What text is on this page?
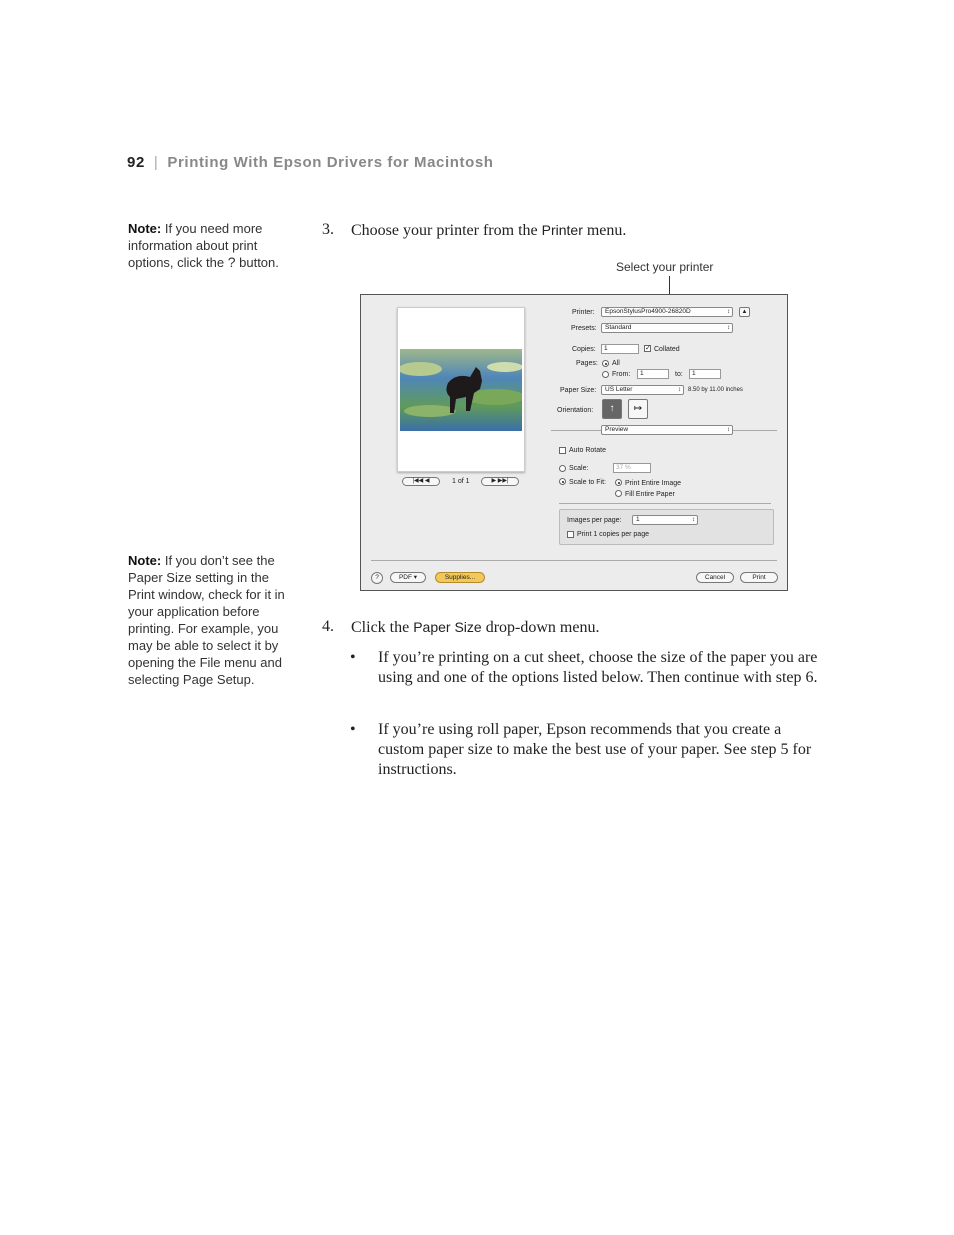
92 | Printing With Epson Drivers for Macintosh
Note: If you need more information about print options, click the ? button.
Note: If you don’t see the Paper Size setting in the Print window, check for it in your application before printing. For example, you may be able to select it by opening the File menu and selecting Page Setup.
3. Choose your printer from the Printer menu.
Select your printer
|◀◀ ◀	1 of 1	▶ ▶▶|
Printer:	EpsonStylusPro4900-26820D ↕	▲
Presets:	Standard ↕
Copies:	1	✓ Collated
Pages: All
From:	1	to:	1
Paper Size:	US Letter ↕	8.50 by 11.00 inches
Orientation:	↑	↦
Preview ↕
Auto Rotate
Scale:	37 %
Scale to Fit:	Print Entire Image
Fill Entire Paper
Images per page:	1 ↕
Print 1 copies per page
?	PDF ▾	Supplies...	Cancel	Print
4. Click the Paper Size drop-down menu.
• If you’re printing on a cut sheet, choose the size of the paper you are using and one of the options listed below. Then continue with step 6.
• If you’re using roll paper, Epson recommends that you create a custom paper size to make the best use of your paper. See step 5 for instructions.
